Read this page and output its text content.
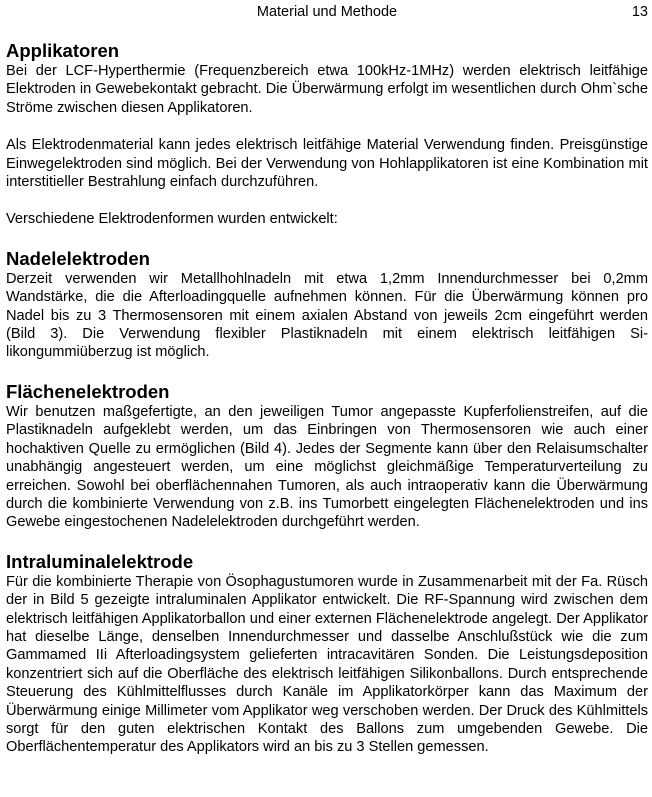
Material und Methode	13
Applikatoren

Bei der LCF-Hyperthermie (Frequenzbereich etwa 100kHz-1MHz) werden elektrisch leitfähige Elektroden in Gewebekontakt gebracht. Die Überwärmung erfolgt im wesentlichen durch Ohm`sche Ströme zwischen diesen Applikatoren.

Als Elektrodenmaterial kann jedes elektrisch leitfähige Material Verwendung finden. Preisgünstige Einwegelektroden sind möglich. Bei der Verwendung von Hohlapplikatoren ist eine Kombination mit interstitieller Bestrahlung einfach durchzuführen.

Verschiedene Elektrodenformen wurden entwickelt:

Nadelelektroden

Derzeit verwenden wir Metallhohlnadeln mit etwa 1,2mm Innendurchmesser bei 0,2mm Wandstärke, die die Afterloadingquelle aufnehmen können. Für die Überwärmung können pro Nadel bis zu 3 Thermosensoren mit einem axialen Abstand von jeweils 2cm eingeführt werden (Bild 3). Die Verwendung flexibler Plastiknadeln mit einem elektrisch leitfähigen Silikongummiüberzug ist möglich.

Flächenelektroden

Wir benutzen maßgefertigte, an den jeweiligen Tumor angepasste Kupferfolienstreifen, auf die Plastiknadeln aufgeklebt werden, um das Einbringen von Thermosensoren wie auch einer hochaktiven Quelle zu ermöglichen (Bild 4). Jedes der Segmente kann über den Relaisumschalter unabhängig angesteuert werden, um eine möglichst gleichmäßige Temperaturverteilung zu erreichen. Sowohl bei oberflächennahen Tumoren, als auch intraoperativ kann die Überwärmung durch die kombinierte Verwendung von z.B. ins Tumorbett eingelegten Flächenelektroden und ins Gewebe eingestochenen Nadelelektroden durchgeführt werden.

Intraluminalelektrode

Für die kombinierte Therapie von Ösophagustumoren wurde in Zusammenarbeit mit der Fa. Rüsch der in Bild 5 gezeigte intraluminalen Applikator entwickelt. Die RF-Spannung wird zwischen dem elektrisch leitfähigen Applikatorballon und einer externen Flächenelektrode angelegt. Der Applikator hat dieselbe Länge, denselben Innendurchmesser und dasselbe Anschlußstück wie die zum Gammamed IIi Afterloadingsystem gelieferten intracavitären Sonden. Die Leistungsdeposition konzentriert sich auf die Oberfläche des elektrisch leitfähigen Silikonballons. Durch entsprechende Steuerung des Kühlmittelflusses durch Kanäle im Applikatorkörper kann das Maximum der Überwärmung einige Millimeter vom Applikator weg verschoben werden. Der Druck des Kühlmittels sorgt für den guten elektrischen Kontakt des Ballons zum umgebenden Gewebe. Die Oberflächentemperatur des Applikators wird an bis zu 3 Stellen gemessen.
